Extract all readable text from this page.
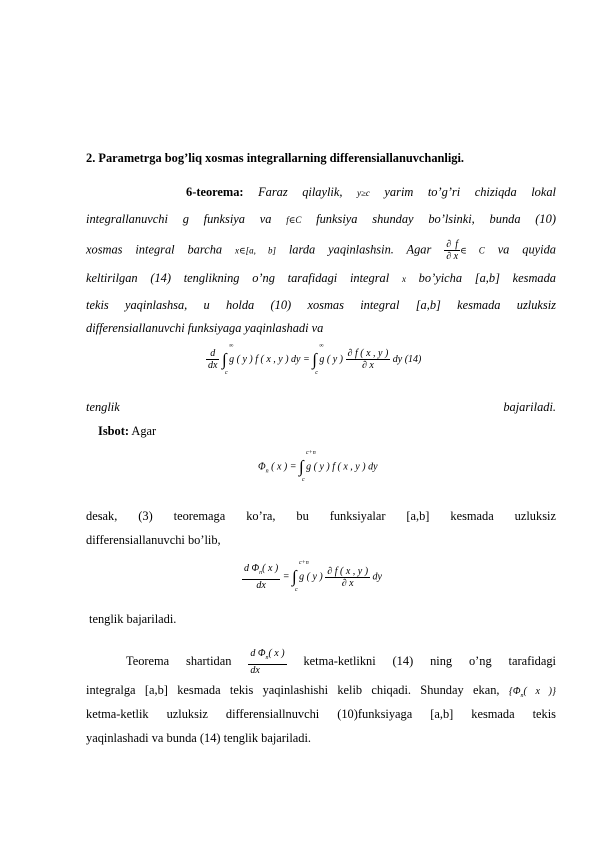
2. Parametrga bog’liq xosmas integrallarning differensiallanuvchanligi.
6-teorema: Faraz qilaylik, y≥c yarim to’g’ri chiziqda lokal
integrallanuvchi g funksiya va f∈C funksiya shunday bo’lsinki, bunda (10)
xosmas integral barcha x∈[a, b] larda yaqinlashsin. Agar $\frac{\partial f}{\partial x}$ ∈ C va quyida
keltirilgan (14) tenglikning o’ng tarafidagi integral x bo’yicha [a,b] kesmada
tekis yaqinlashsa, u holda (10) xosmas integral [a,b] kesmada uzluksiz
differensiallanuvchi funksiyaga yaqinlashadi va
$\frac{d}{dx}$ ∫
∞
c
g ( y ) f ( x , y ) dy = ∫
∞
c
g ( y ) $\frac{\partial f ( x , y )}{\partial x}$ dy (14)
tenglik	bajariladi.
Isbot: Agar
$\Phi_n$ ( x ) = ∫
c+n
c
g ( y ) f ( x , y ) dy
desak, (3) teoremaga ko’ra, bu funksiyalar [a,b] kesmada uzluksiz
differensiallanuvchi bo’lib,
$\frac{d \Phi_n( x )}{dx}$ = ∫
c+n
c
g ( y ) $\frac{\partial f ( x , y )}{\partial x}$ dy
tenglik bajariladi.
Teorema shartidan $\frac{d \Phi_n( x )}{dx}$ ketma-ketlikni (14) ning o’ng tarafidagi
integralga [a,b] kesmada tekis yaqinlashishi kelib chiqadi. Shunday ekan, {$\Phi_n$( x )}
ketma-ketlik uzluksiz differensiallnuvchi (10)funksiyaga [a,b] kesmada tekis
yaqinlashadi va bunda (14) tenglik bajariladi.
